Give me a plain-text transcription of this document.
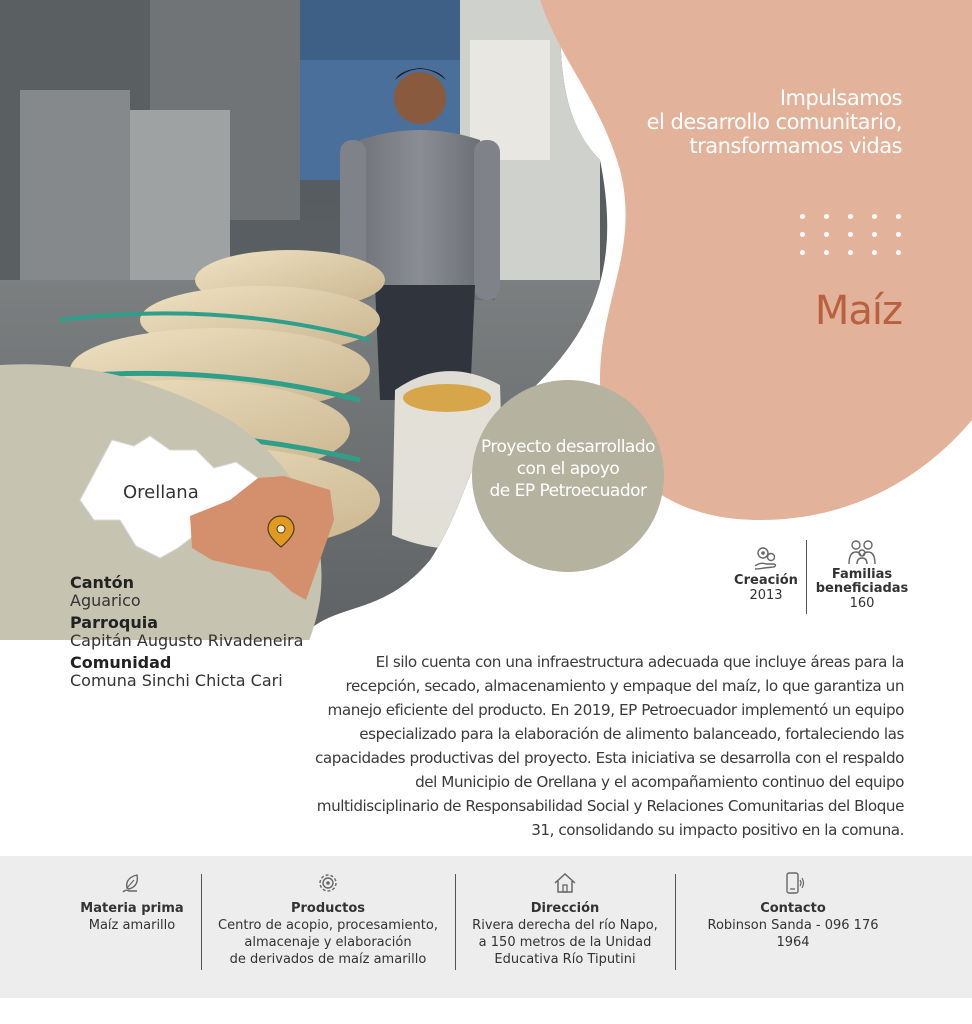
Impulsamos
el desarrollo comunitario,
transformamos vidas
Maíz
Proyecto desarrollado
con el apoyo
de EP Petroecuador
Orellana
Cantón
Aguarico
Parroquia
Capitán Augusto Rivadeneira
Comunidad
Comuna Sinchi Chicta Cari
Creación
2013
Familias
beneficiadas
160

El silo cuenta con una infraestructura adecuada que incluye áreas para la recepción, secado, almacenamiento y empaque del maíz, lo que garantiza un manejo eficiente del producto. En 2019, EP Petroecuador implementó un equipo especializado para la elaboración de alimento balanceado, fortaleciendo las capacidades productivas del proyecto. Esta iniciativa se desarrolla con el respaldo del Municipio de Orellana y el acompañamiento continuo del equipo multidisciplinario de Responsabilidad Social y Relaciones Comunitarias del Bloque 31, consolidando su impacto positivo en la comuna.

Materia prima
Maíz amarillo
Productos
Centro de acopio, procesamiento,
almacenaje y elaboración
de derivados de maíz amarillo
Dirección
Rivera derecha del río Napo,
a 150 metros de la Unidad
Educativa Río Tiputini
Contacto
Robinson Sanda - 096 176 1964
